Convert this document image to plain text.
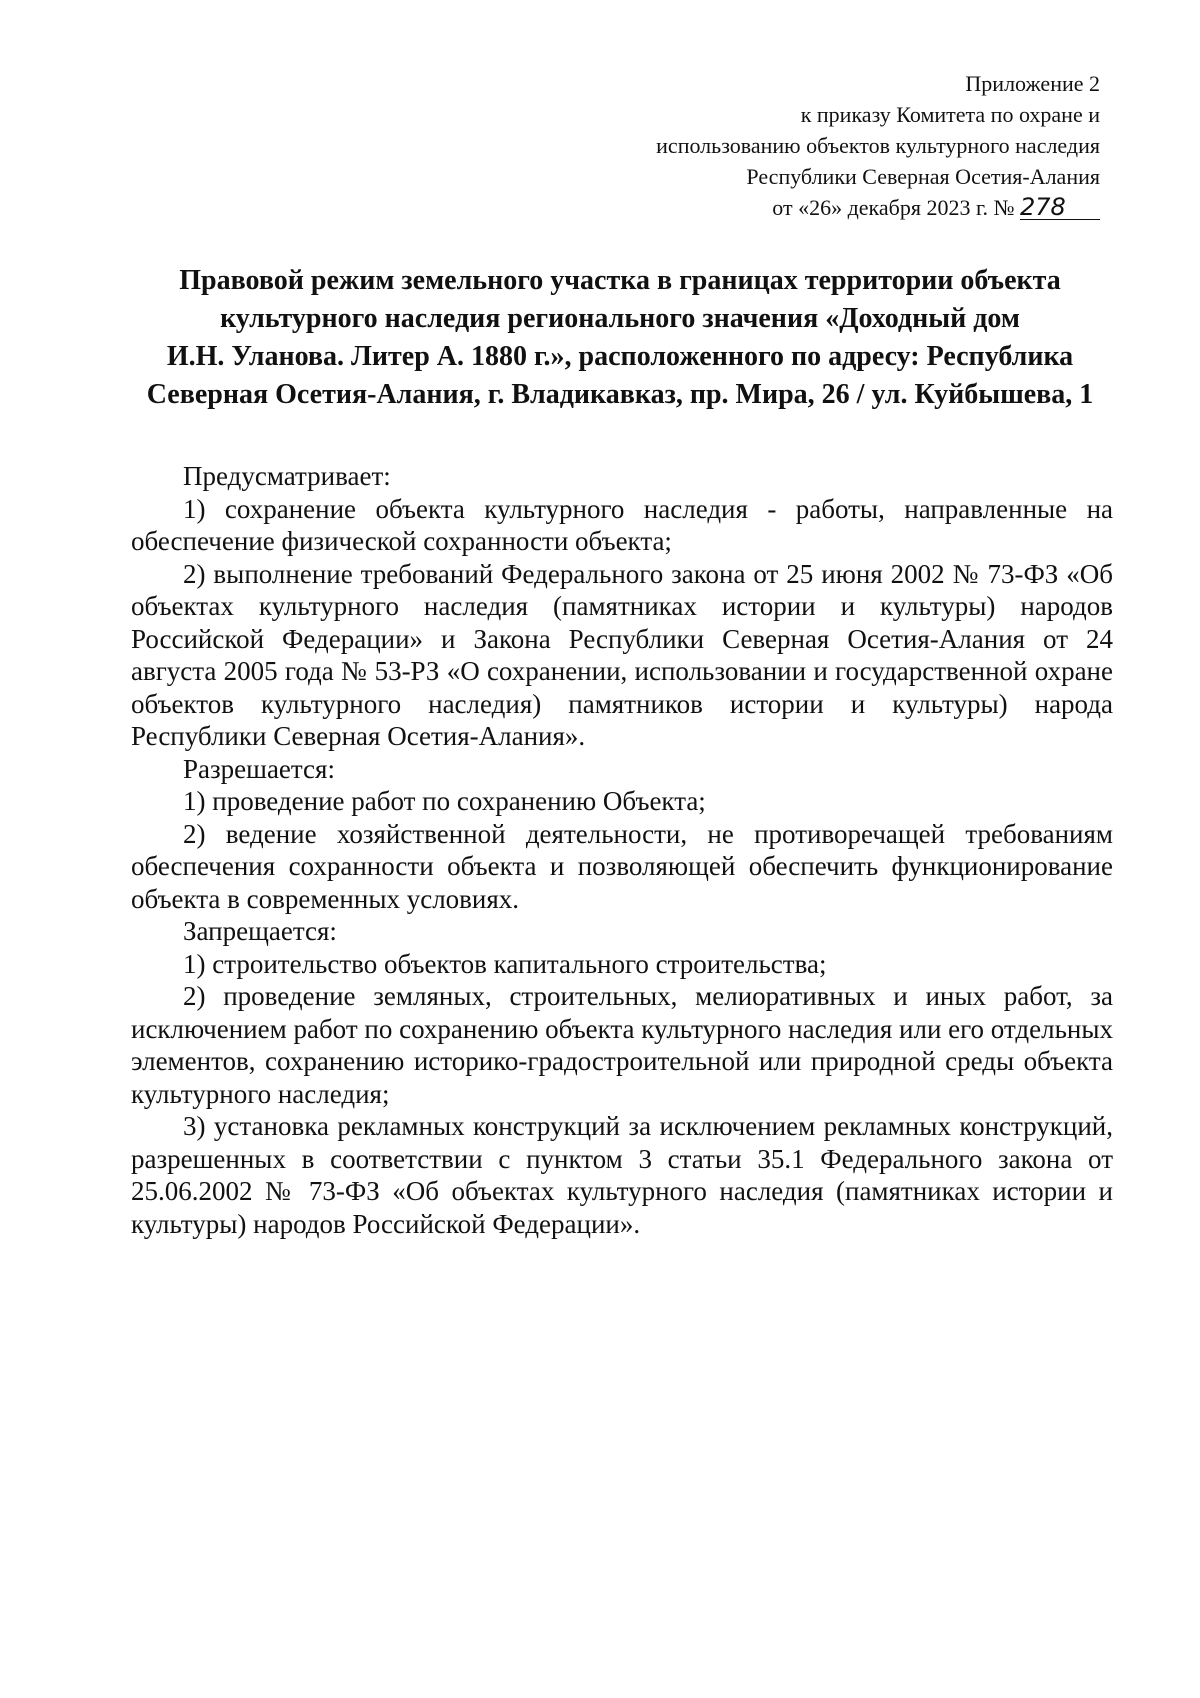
Приложение 2
к приказу Комитета по охране и
использованию объектов культурного наследия
Республики Северная Осетия-Алания
от «26» декабря 2023 г. № 278
Правовой режим земельного участка в границах территории объекта
культурного наследия регионального значения «Доходный дом
И.Н. Уланова. Литер А. 1880 г.», расположенного по адресу: Республика
Северная Осетия-Алания, г. Владикавказ, пр. Мира, 26 / ул. Куйбышева, 1

Предусматривает:

1) сохранение объекта культурного наследия - работы, направленные на обеспечение физической сохранности объекта;

2) выполнение требований Федерального закона от 25 июня 2002 № 73-ФЗ «Об объектах культурного наследия (памятниках истории и культуры) народов Российской Федерации» и Закона Республики Северная Осетия-Алания от 24 августа 2005 года № 53-РЗ «О сохранении, использовании и государственной охране объектов культурного наследия) памятников истории и культуры) народа Республики Северная Осетия-Алания».

Разрешается:

1) проведение работ по сохранению Объекта;

2) ведение хозяйственной деятельности, не противоречащей требованиям обеспечения сохранности объекта и позволяющей обеспечить функционирование объекта в современных условиях.

Запрещается:

1) строительство объектов капитального строительства;

2) проведение земляных, строительных, мелиоративных и иных работ, за исключением работ по сохранению объекта культурного наследия или его отдельных элементов, сохранению историко-градостроительной или природной среды объекта культурного наследия;

3) установка рекламных конструкций за исключением рекламных конструкций, разрешенных в соответствии с пунктом 3 статьи 35.1 Федерального закона от 25.06.2002 № 73-ФЗ «Об объектах культурного наследия (памятниках истории и культуры) народов Российской Федерации».
